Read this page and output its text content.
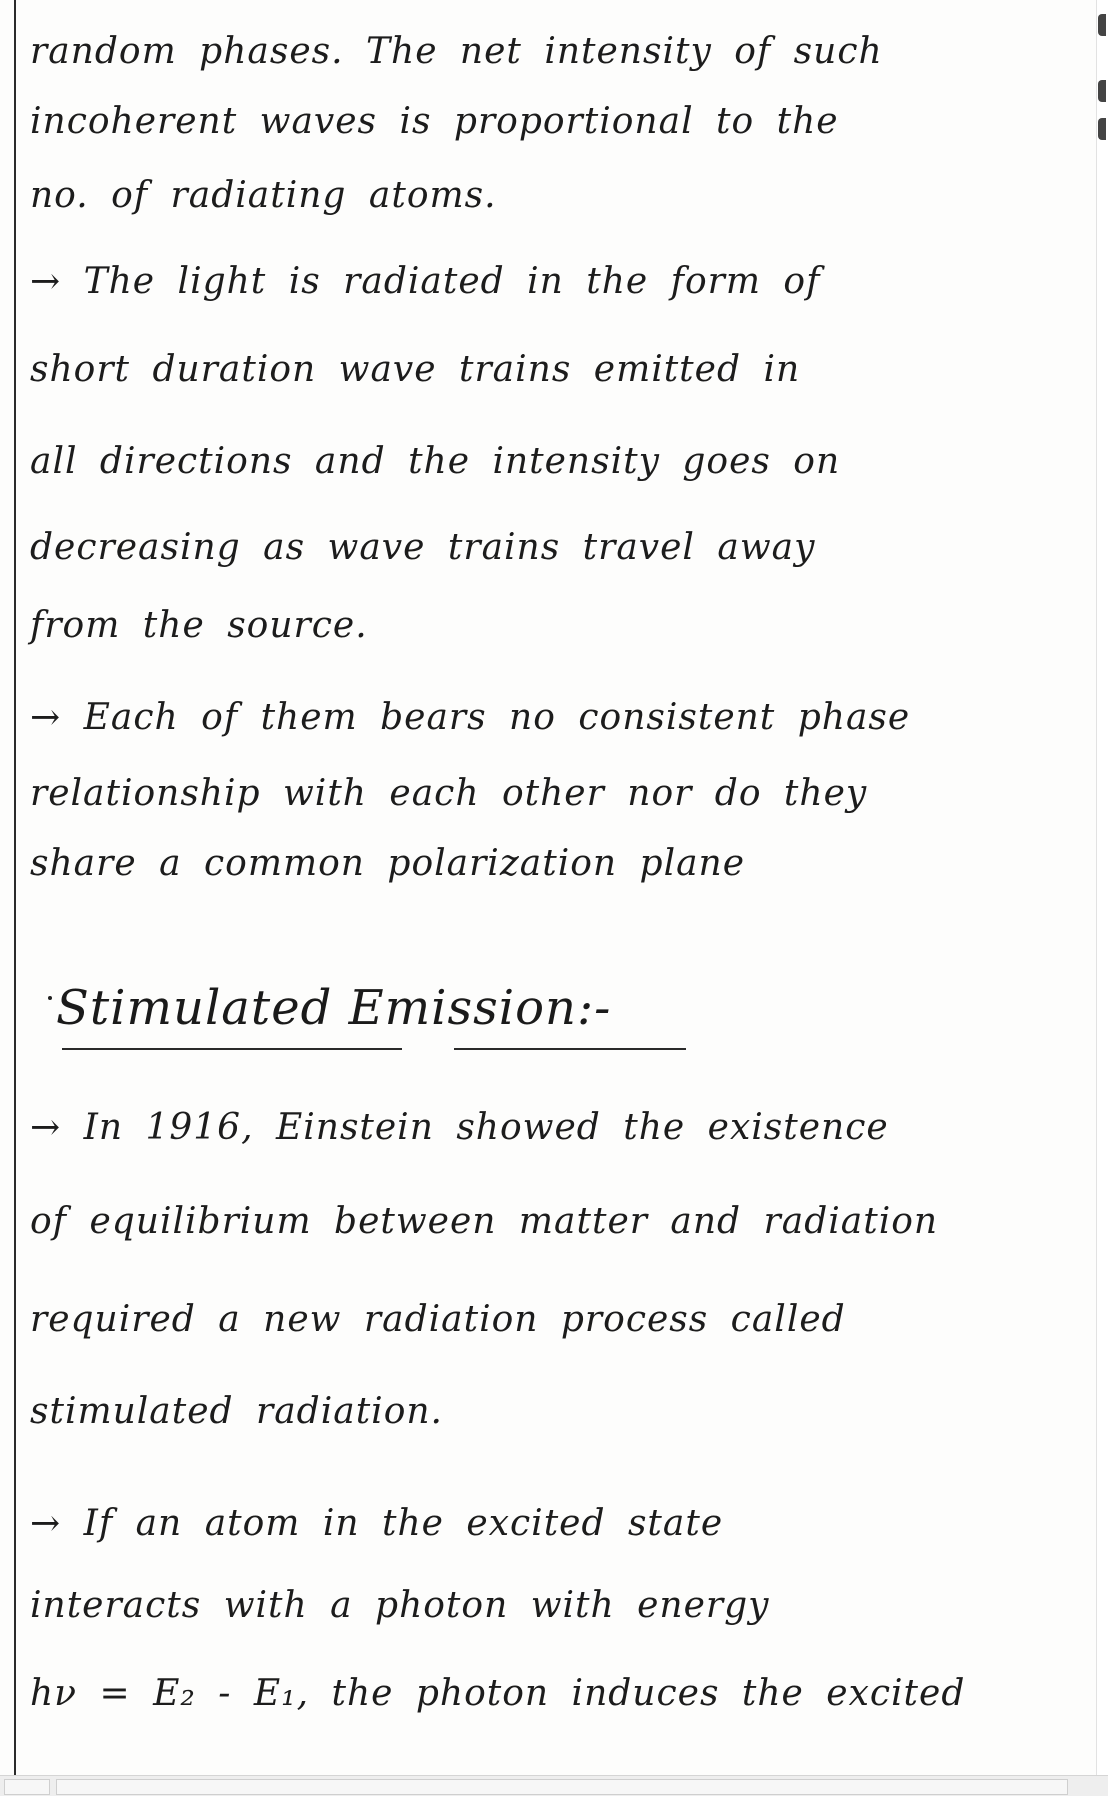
random phases. The net intensity of such
incoherent waves is proportional to the
no. of radiating atoms.
→ The light is radiated in the form of
short duration wave trains emitted in
all directions and the intensity goes on
decreasing as wave trains travel away
from the source.
→ Each of them bears no consistent phase
relationship with each other nor do they
share a common polarization plane
Stimulated Emission:-
→ In 1916, Einstein showed the existence
of equilibrium between matter and radiation
required a new radiation process called
stimulated radiation.
→ If an atom in the excited state
interacts with a photon with energy
hν = E₂ - E₁, the photon induces the excited
